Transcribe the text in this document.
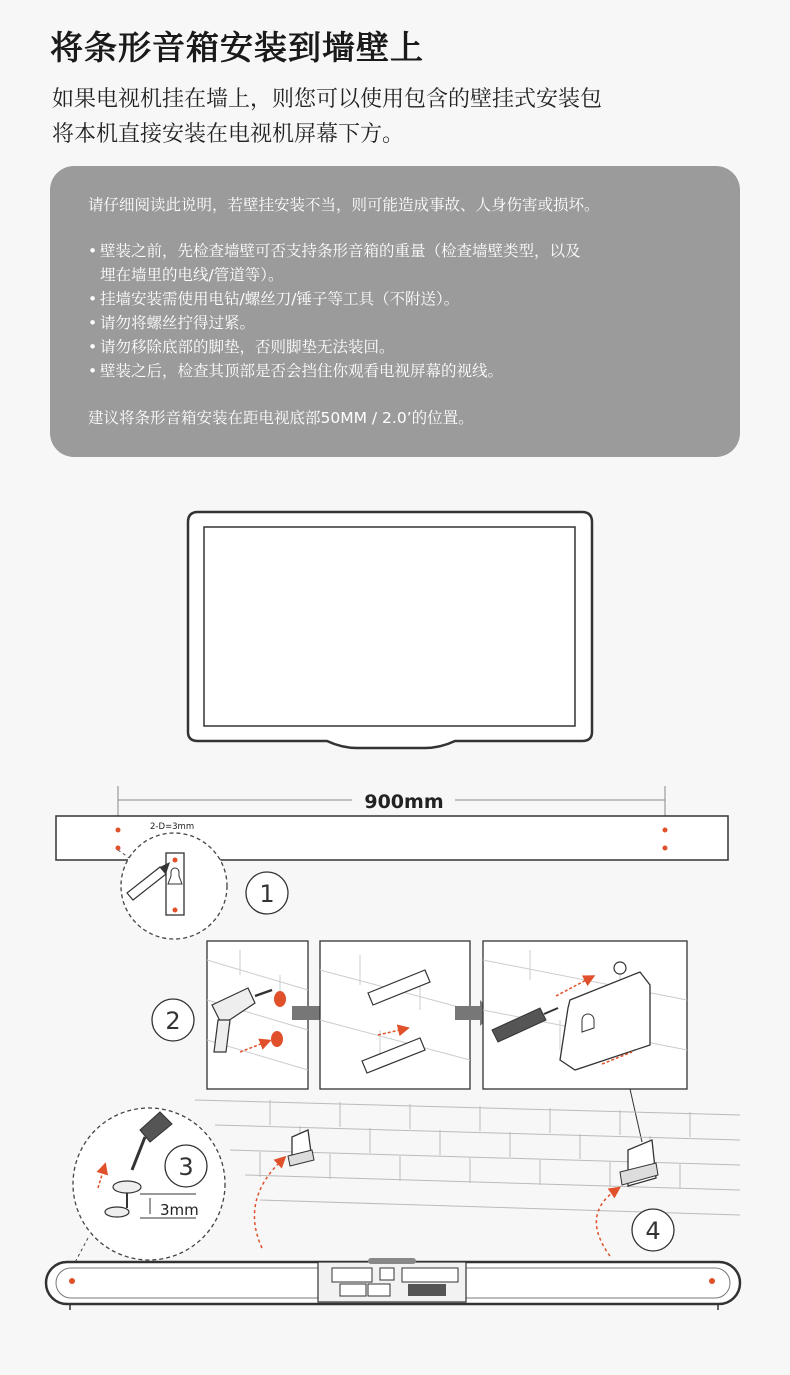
将条形音箱安装到墙壁上
如果电视机挂在墙上，则您可以使用包含的壁挂式安装包
将本机直接安装在电视机屏幕下方。
请仔细阅读此说明，若壁挂安装不当，则可能造成事故、人身伤害或损坏。
• 壁装之前，先检查墙壁可否支持条形音箱的重量（检查墙壁类型，以及
埋在墙里的电线/管道等）。
• 挂墙安装需使用电钻/螺丝刀/锤子等工具（不附送）。
• 请勿将螺丝拧得过紧。
• 请勿移除底部的脚垫，否则脚垫无法装回。
• 壁装之后，检查其顶部是否会挡住你观看电视屏幕的视线。
建议将条形音箱安装在距电视底部50MM / 2.0’的位置。
900mm
2-D=3mm
1
2
3mm
3
4
